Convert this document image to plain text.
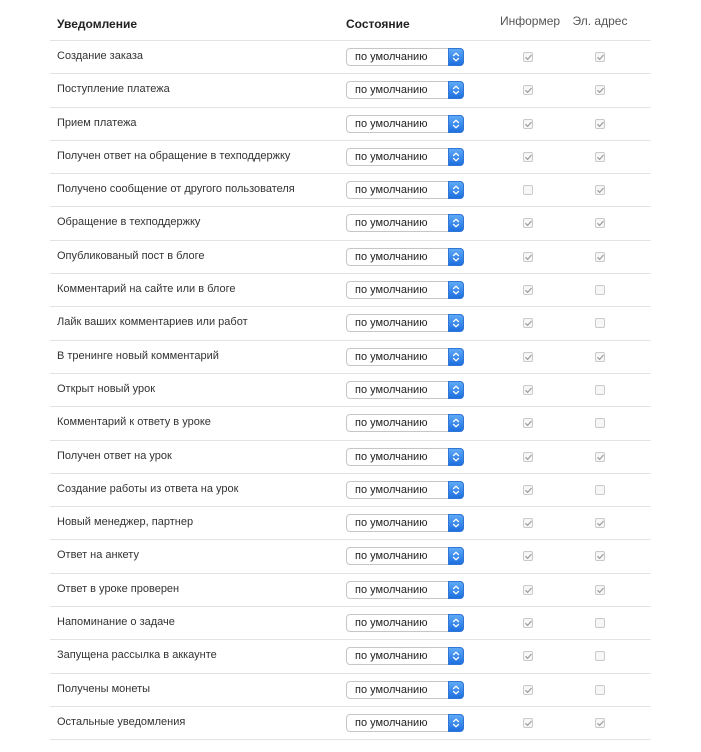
Уведомление	Состояние	Информер Эл. адрес
Создание заказа	по умолчанию
Поступление платежа	по умолчанию
Прием платежа	по умолчанию
Получен ответ на обращение в техподдержку	по умолчанию
Получено сообщение от другого пользователя	по умолчанию
Обращение в техподдержку	по умолчанию
Опубликованый пост в блоге	по умолчанию
Комментарий на сайте или в блоге	по умолчанию
Лайк ваших комментариев или работ	по умолчанию
В тренинге новый комментарий	по умолчанию
Открыт новый урок	по умолчанию
Комментарий к ответу в уроке	по умолчанию
Получен ответ на урок	по умолчанию
Создание работы из ответа на урок	по умолчанию
Новый менеджер, партнер	по умолчанию
Ответ на анкету	по умолчанию
Ответ в уроке проверен	по умолчанию
Напоминание о задаче	по умолчанию
Запущена рассылка в аккаунте	по умолчанию
Получены монеты	по умолчанию
Остальные уведомления	по умолчанию
